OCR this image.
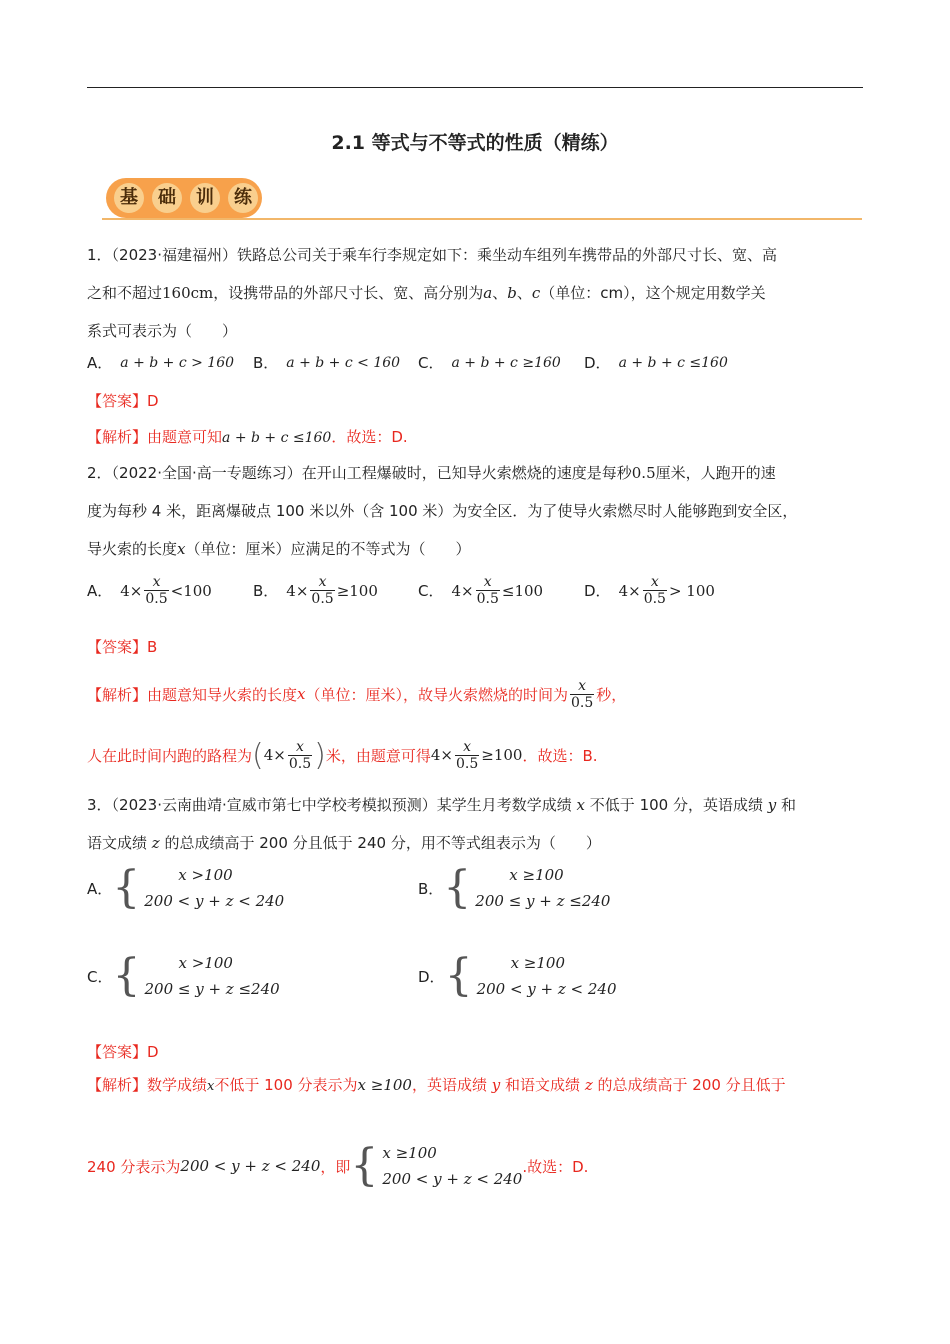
2.1 等式与不等式的性质（精练）
基	础	训	练
1．（2023·福建福州）铁路总公司关于乘车行李规定如下：乘坐动车组列车携带品的外部尺寸长、宽、高
之和不超过160cm，设携带品的外部尺寸长、宽、高分别为a、b、c（单位：cm），这个规定用数学关
系式可表示为（　　）
A． a + b + c > 160 B． a + b + c < 160 C． a + b + c ≥160 D． a + b + c ≤160
【答案】D
【解析】由题意可知a + b + c ≤160．故选：D.
2．（2022·全国·高一专题练习）在开山工程爆破时，已知导火索燃烧的速度是每秒0.5厘米，人跑开的速
度为每秒 4 米，距离爆破点 100 米以外（含 100 米）为安全区．为了使导火索燃尽时人能够跑到安全区，
导火索的长度x（单位：厘米）应满足的不等式为（　　）
A． $4\times \frac{x}{0.5} <100$	B． $4\times \frac{x}{0.5} \ge 100$	C． $4\times \frac{x}{0.5} \le 100$	D． $4\times \frac{x}{0.5} > 100$
【答案】B
【解析】由题意知导火索的长度 x （单位：厘米），故导火索燃烧的时间为 $\frac{x}{0.5}$ 秒，
人在此时间内跑的路程为 ( $4\times \frac{x}{0.5}$ ) 米，由题意可得 $4\times \frac{x}{0.5} \ge 100$ ．故选：B.
3．（2023·云南曲靖·宣威市第七中学校考模拟预测）某学生月考数学成绩 x 不低于 100 分，英语成绩 y 和
语文成绩 z 的总成绩高于 200 分且低于 240 分，用不等式组表示为（　　）
A． {	x >100
200 < y + z < 240
B． {	x ≥100
200 ≤ y + z ≤240
C． {	x >100
200 ≤ y + z ≤240
D． {	x ≥100
200 < y + z < 240
【答案】D
【解析】数学成绩x不低于 100 分表示为x ≥100，英语成绩 y 和语文成绩 z 的总成绩高于 200 分且低于
240 分表示为 200 < y + z < 240 ，即 { x ≥100
200 < y + z < 240
.故选：D.
